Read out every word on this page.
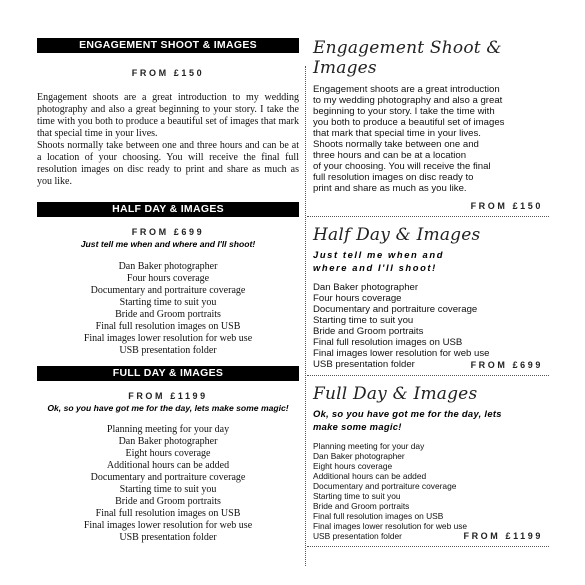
ENGAGEMENT SHOOT & IMAGES
FROM £150
Engagement shoots are a great introduction to my wedding photography and also a great beginning to your story. I take the time with you both to produce a beautiful set of images that mark that special time in your lives.
Shoots normally take between one and three hours and can be at a location of your choosing. You will receive the final full resolution images on disc ready to print and share as much as you like.
HALF DAY & IMAGES
FROM £699
Just tell me when and where and I'll shoot!
Dan Baker photographer
Four hours coverage
Documentary and portraiture coverage
Starting time to suit you
Bride and Groom portraits
Final full resolution images on USB
Final images lower resolution for web use
USB presentation folder
FULL DAY & IMAGES
FROM £1199
Ok, so you have got me for the day, lets make some magic!
Planning meeting for your day
Dan Baker photographer
Eight hours coverage
Additional hours can be added
Documentary and portraiture coverage
Starting time to suit you
Bride and Groom portraits
Final full resolution images on USB
Final images lower resolution for web use
USB presentation folder
Engagement Shoot & Images
Engagement shoots are a great introduction
to my wedding photography and also a great
beginning to your story. I take the time with
you both to produce a beautiful set of images
that mark that special time in your lives.
Shoots normally take between one and
three hours and can be at a location
of your choosing. You will receive the final
full resolution images on disc ready to
print and share as much as you like.
FROM £150
Half Day & Images
Just tell me when and
where and I'll shoot!
Dan Baker photographer
Four hours coverage
Documentary and portraiture coverage
Starting time to suit you
Bride and Groom portraits
Final full resolution images on USB
Final images lower resolution for web use
USB presentation folder	FROM £699
Full Day & Images
Ok, so you have got me for the day, lets
make some magic!
Planning meeting for your day
Dan Baker photographer
Eight hours coverage
Additional hours can be added
Documentary and portraiture coverage
Starting time to suit you
Bride and Groom portraits
Final full resolution images on USB
Final images lower resolution for web use
USB presentation folder	FROM £1199
